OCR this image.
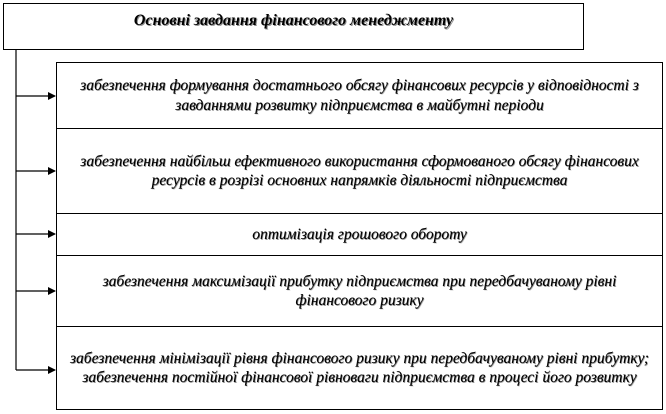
Основні завдання фінансового менеджменту
забезпечення формування достатнього обсягу фінансових ресурсів у відповідності з завданнями розвитку підприємства в майбутні періоди
забезпечення найбільш ефективного використання сформованого обсягу фінансових ресурсів в розрізі основних напрямків діяльності підприємства
оптимізація грошового обороту
забезпечення максимізації прибутку підприємства при передбачуваному рівні фінансового ризику
забезпечення мінімізації рівня фінансового ризику при передбачуваному рівні прибутку; забезпечення постійної фінансової рівноваги підприємства в процесі його розвитку
